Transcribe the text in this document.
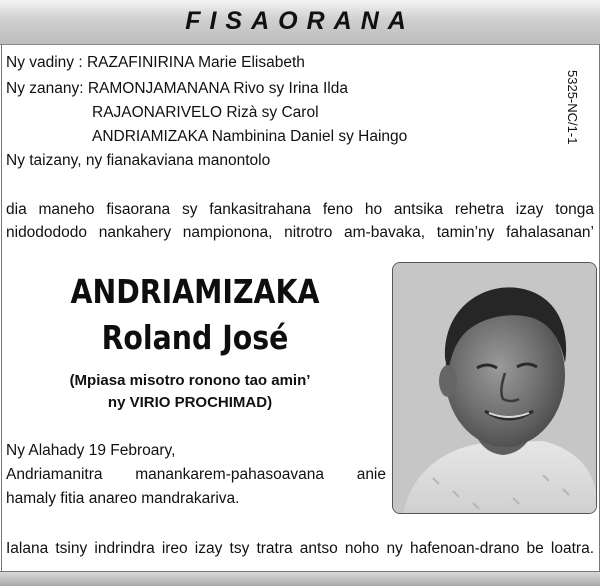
FISAORANA
Ny vadiny : RAZAFINIRINA Marie Elisabeth
Ny zanany: RAMONJAMANANA Rivo sy Irina Ilda
RAJAONARIVELO Rizà sy Carol
ANDRIAMIZAKA Nambinina Daniel sy Haingo
Ny taizany, ny fianakaviana manontolo
5325-NC/1-1
dia maneho fisaorana sy fankasitrahana feno ho antsika rehetra izay tonga
nidodododo nankahery nampionona, nitrotro am-bavaka, tamin’ny fahalasanan’
ANDRIAMIZAKA
Roland José
(Mpiasa misotro ronono tao amin’
ny VIRIO PROCHIMAD)
Ny Alahady 19 Febroary,
Andriamanitra manankarem-pahasoavana anie
hamaly fitia anareo mandrakariva.
Ialana tsiny indrindra ireo izay tsy tratra antso noho ny hafenoan-drano be loatra.
